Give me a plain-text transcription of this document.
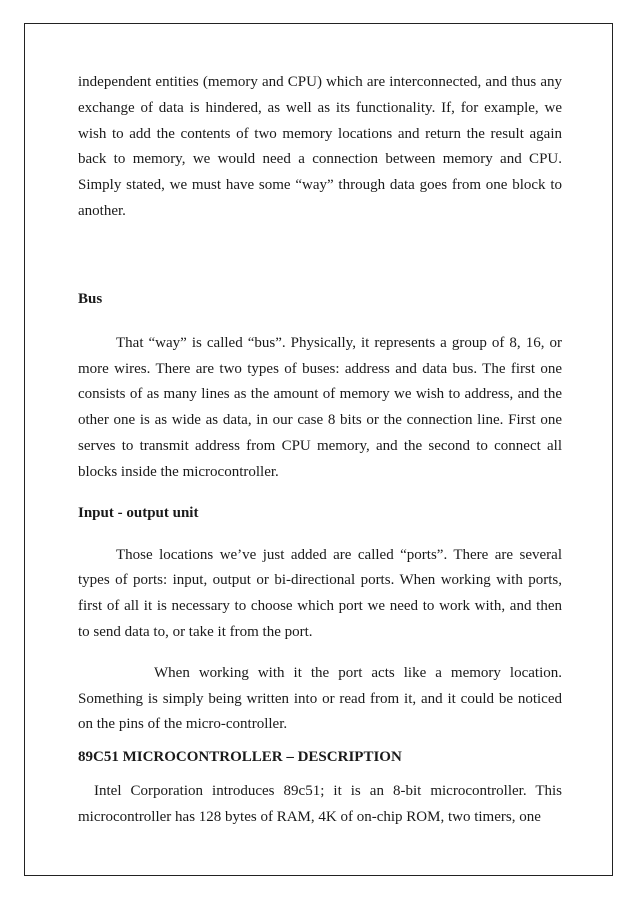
independent entities (memory and CPU) which are interconnected, and thus any exchange of data is hindered, as well as its functionality. If, for example, we wish to add the contents of two memory locations and return the result again back to memory, we would need a connection between memory and CPU. Simply stated, we must have some “way” through data goes from one block to another.

Bus

That “way” is called “bus”. Physically, it represents a group of 8, 16, or more wires. There are two types of buses: address and data bus. The first one consists of as many lines as the amount of memory we wish to address, and the other one is as wide as data, in our case 8 bits or the connection line. First one serves to transmit address from CPU memory, and the second to connect all blocks inside the microcontroller.

Input - output unit

Those locations we’ve just added are called “ports”. There are several types of ports: input, output or bi-directional ports. When working with ports, first of all it is necessary to choose which port we need to work with, and then to send data to, or take it from the port.

When working with it the port acts like a memory location. Something is simply being written into or read from it, and it could be noticed on the pins of the micro-controller.

89C51 MICROCONTROLLER – DESCRIPTION

Intel Corporation introduces 89c51; it is an 8-bit microcontroller. This microcontroller has 128 bytes of RAM, 4K of on-chip ROM, two timers, one
